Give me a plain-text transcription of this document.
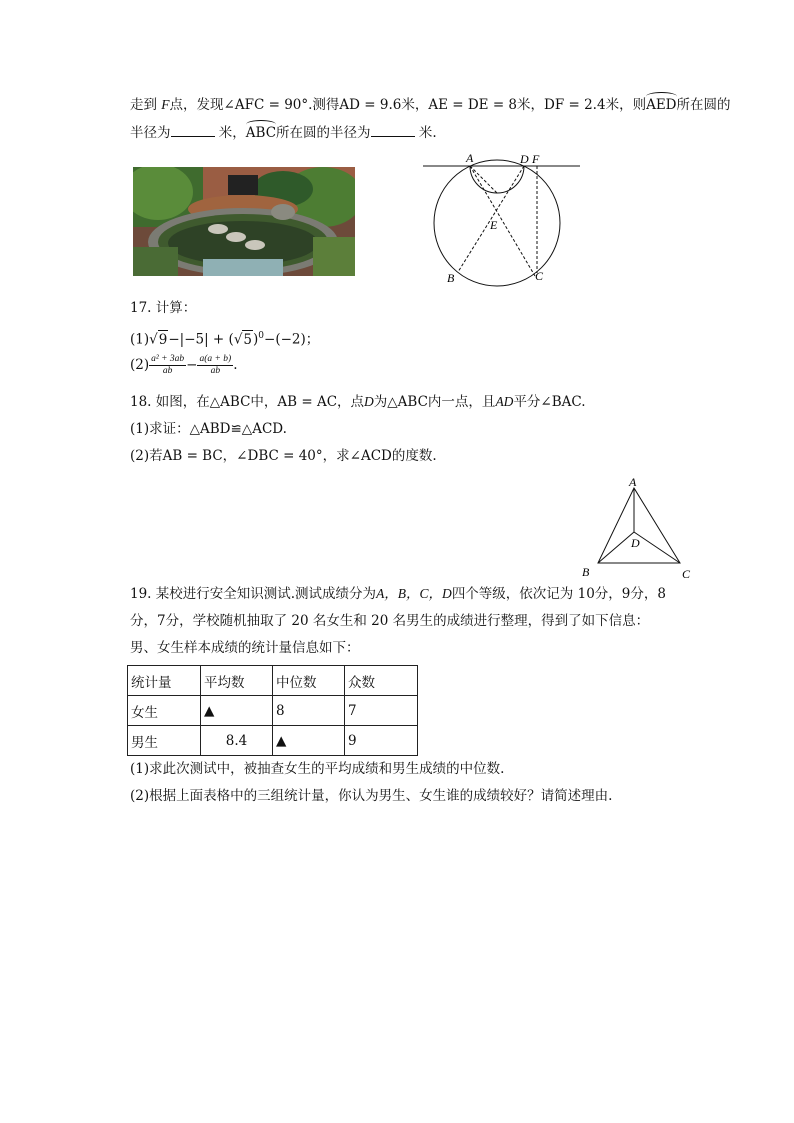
走到 F点，发现∠AFC = 90°.测得AD = 9.6米，AE = DE = 8米，DF = 2.4米，则AED所在圆的
半径为	米，ABC所在圆的半径为	米.
A	D F
E
B	C
17. 计算：
$(1)√9-|-5| + (√5)^0-(-2)$；
$(2) \frac{\text{a² + 3ab}}{ab} - \frac{a(a + b)}{ab}$ .
18. 如图，在△ABC中，AB = AC，点D为△ABC内一点，且AD平分∠BAC.
(1)求证：△ABD≌△ACD.
(2)若AB = BC，∠DBC = 40°，求∠ACD的度数.
A
B	C
D
19. 某校进行安全知识测试.测试成绩分为A，B，C，D四个等级，依次记为 10分，9分，8
分，7分，学校随机抽取了 20 名女生和 20 名男生的成绩进行整理，得到了如下信息：
男、女生样本成绩的统计量信息如下：
统计量	平均数	中位数	众数
女生	▲	8	7
男生	8.4	▲	9
(1)求此次测试中，被抽查女生的平均成绩和男生成绩的中位数.
(2)根据上面表格中的三组统计量，你认为男生、女生谁的成绩较好？请简述理由.
